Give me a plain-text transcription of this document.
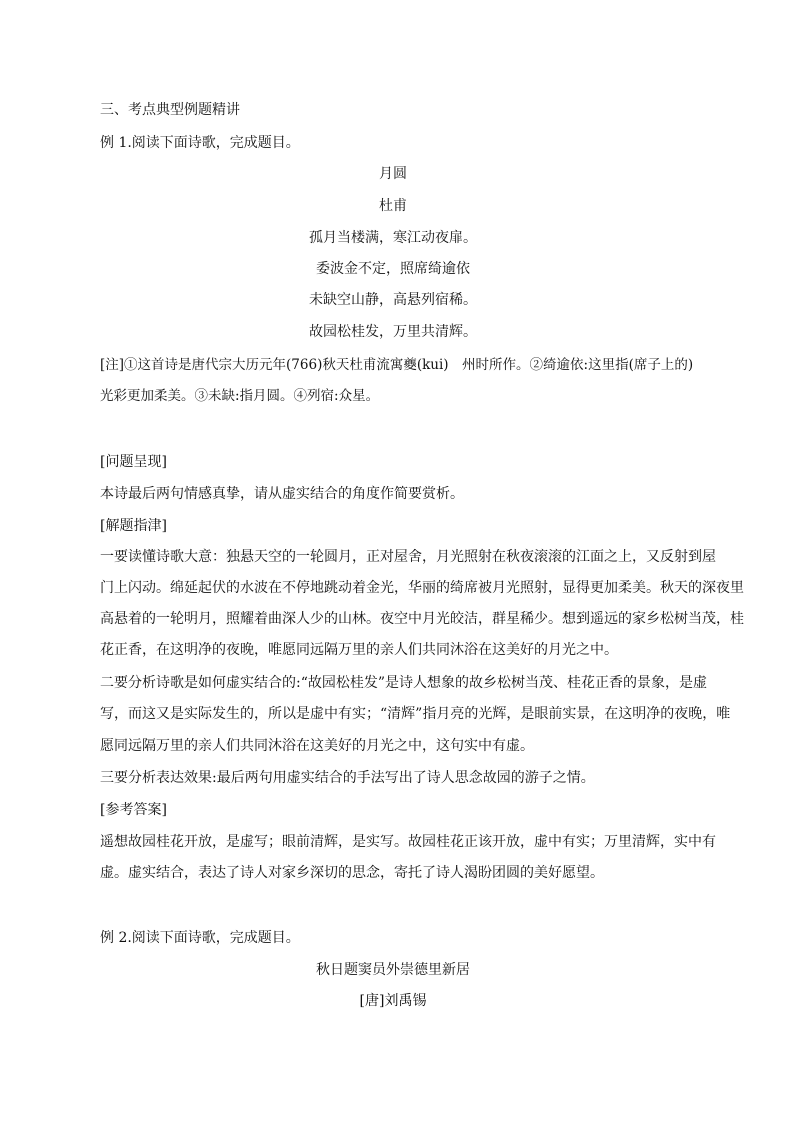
三、考点典型例题精讲
例 1.阅读下面诗歌，完成题目。
月圆
杜甫
孤月当楼满，寒江动夜扉。
委波金不定，照席绮逾依
未缺空山静，高悬列宿稀。
故园松桂发，万里共清辉。
[注]①这首诗是唐代宗大历元年(766)秋天杜甫流寓夔(kui)　州时所作。②绮逾依:这里指(席子上的)
光彩更加柔美。③未缺:指月圆。④列宿:众星。
[问题呈现]
本诗最后两句情感真挚，请从虚实结合的角度作简要赏析。
[解题指津]
一要读懂诗歌大意：独悬天空的一轮圆月，正对屋舍，月光照射在秋夜滚滚的江面之上，又反射到屋
门上闪动。绵延起伏的水波在不停地跳动着金光，华丽的绮席被月光照射，显得更加柔美。秋天的深夜里
高悬着的一轮明月，照耀着曲深人少的山林。夜空中月光皎洁，群星稀少。想到遥远的家乡松树当茂，桂
花正香，在这明净的夜晚，唯愿同远隔万里的亲人们共同沐浴在这美好的月光之中。
二要分析诗歌是如何虚实结合的:“故园松桂发”是诗人想象的故乡松树当茂、桂花正香的景象，是虚
写，而这又是实际发生的，所以是虚中有实；“清辉”指月亮的光辉，是眼前实景，在这明净的夜晚，唯
愿同远隔万里的亲人们共同沐浴在这美好的月光之中，这句实中有虚。
三要分析表达效果:最后两句用虚实结合的手法写出了诗人思念故园的游子之情。
[参考答案]
遥想故园桂花开放，是虚写；眼前清辉，是实写。故园桂花正该开放，虚中有实；万里清辉，实中有
虚。虚实结合，表达了诗人对家乡深切的思念，寄托了诗人渴盼团圆的美好愿望。
例 2.阅读下面诗歌，完成题目。
秋日题窦员外崇德里新居
[唐]刘禹锡
